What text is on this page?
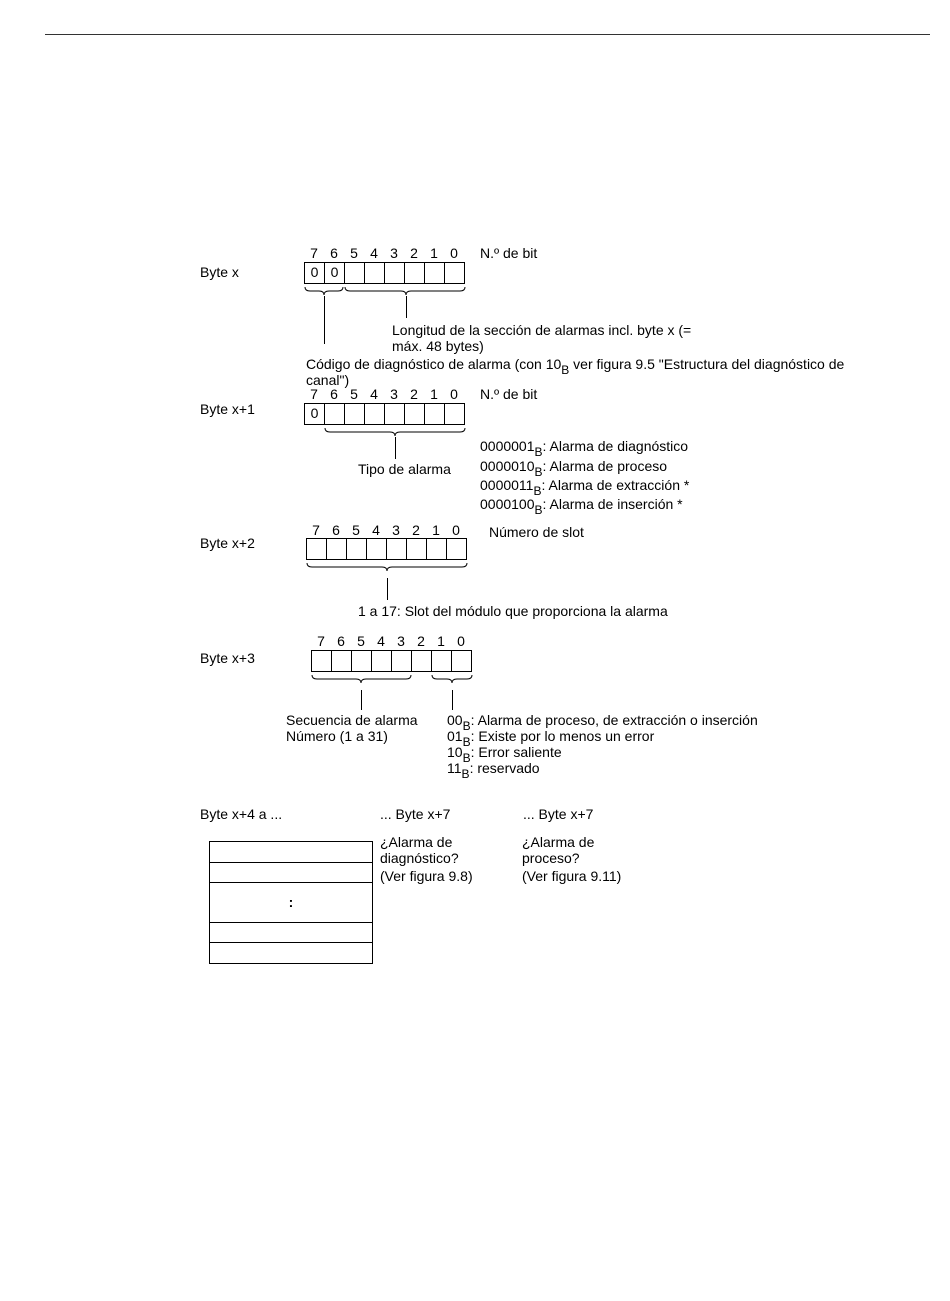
7 6 5 4 3 2 1 0	N.º de bit
Byte x	0 0
Longitud de la sección de alarmas incl. byte x (= máx. 48 bytes)
Código de diagnóstico de alarma (con $10_B$ ver figura 9.5 "Estructura del diagnóstico de canal")
7 6 5 4 3 2 1 0	N.º de bit
Byte x+1	0
Tipo de alarma
$0000001_B$: Alarma de diagnóstico
$0000010_B$: Alarma de proceso
$0000011_B$: Alarma de extracción *
$0000100_B$: Alarma de inserción *
7 6 5 4 3 2 1 0	Número de slot
Byte x+2
1 a 17: Slot del módulo que proporciona la alarma
7 6 5 4 3 2 1 0
Byte x+3
Secuencia de alarma
Número (1 a 31)
$00_B$: Alarma de proceso, de extracción o inserción
$01_B$: Existe por lo menos un error
$10_B$: Error saliente
$11_B$: reservado
Byte x+4 a ...	... Byte x+7	... Byte x+7
:
¿Alarma de diagnóstico?
(Ver figura 9.8)
¿Alarma de proceso?
(Ver figura 9.11)
